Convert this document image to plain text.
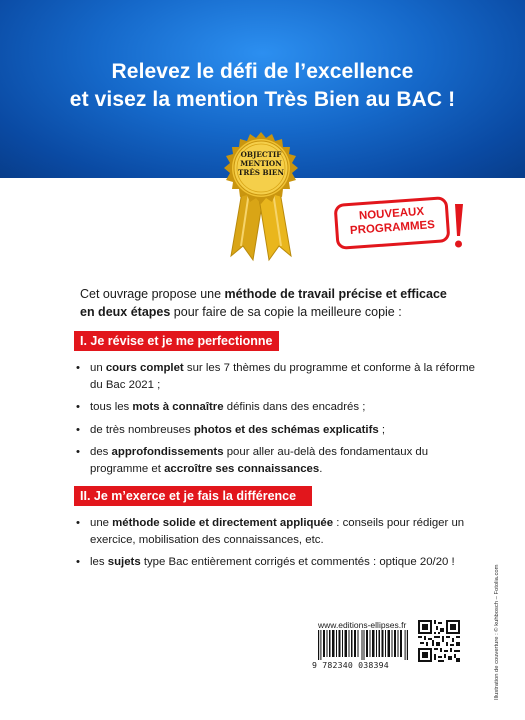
Relevez le défi de l’excellence
et visez la mention Très Bien au BAC !
OBJECTIF
MENTION
TRÈS BIEN
NOUVEAUX
PROGRAMMES
Cet ouvrage propose une méthode de travail précise et efficace
en deux étapes pour faire de sa copie la meilleure copie :
I. Je révise et je me perfectionne
• un cours complet sur les 7 thèmes du programme et conforme à la réforme du Bac 2021 ;
• tous les mots à connaître définis dans des encadrés ;
• de très nombreuses photos et des schémas explicatifs ;
• des approfondissements pour aller au-delà des fondamentaux du programme et accroître ses connaissances.
II. Je m’exerce et je fais la différence
• une méthode solide et directement appliquée : conseils pour rédiger un exercice, mobilisation des connaissances, etc.
• les sujets type Bac entièrement corrigés et commentés : optique 20/20 !
www.editions-ellipses.fr
9 782340 038394	Illustration de couverture : © kuhbosch – Fotolia.com
